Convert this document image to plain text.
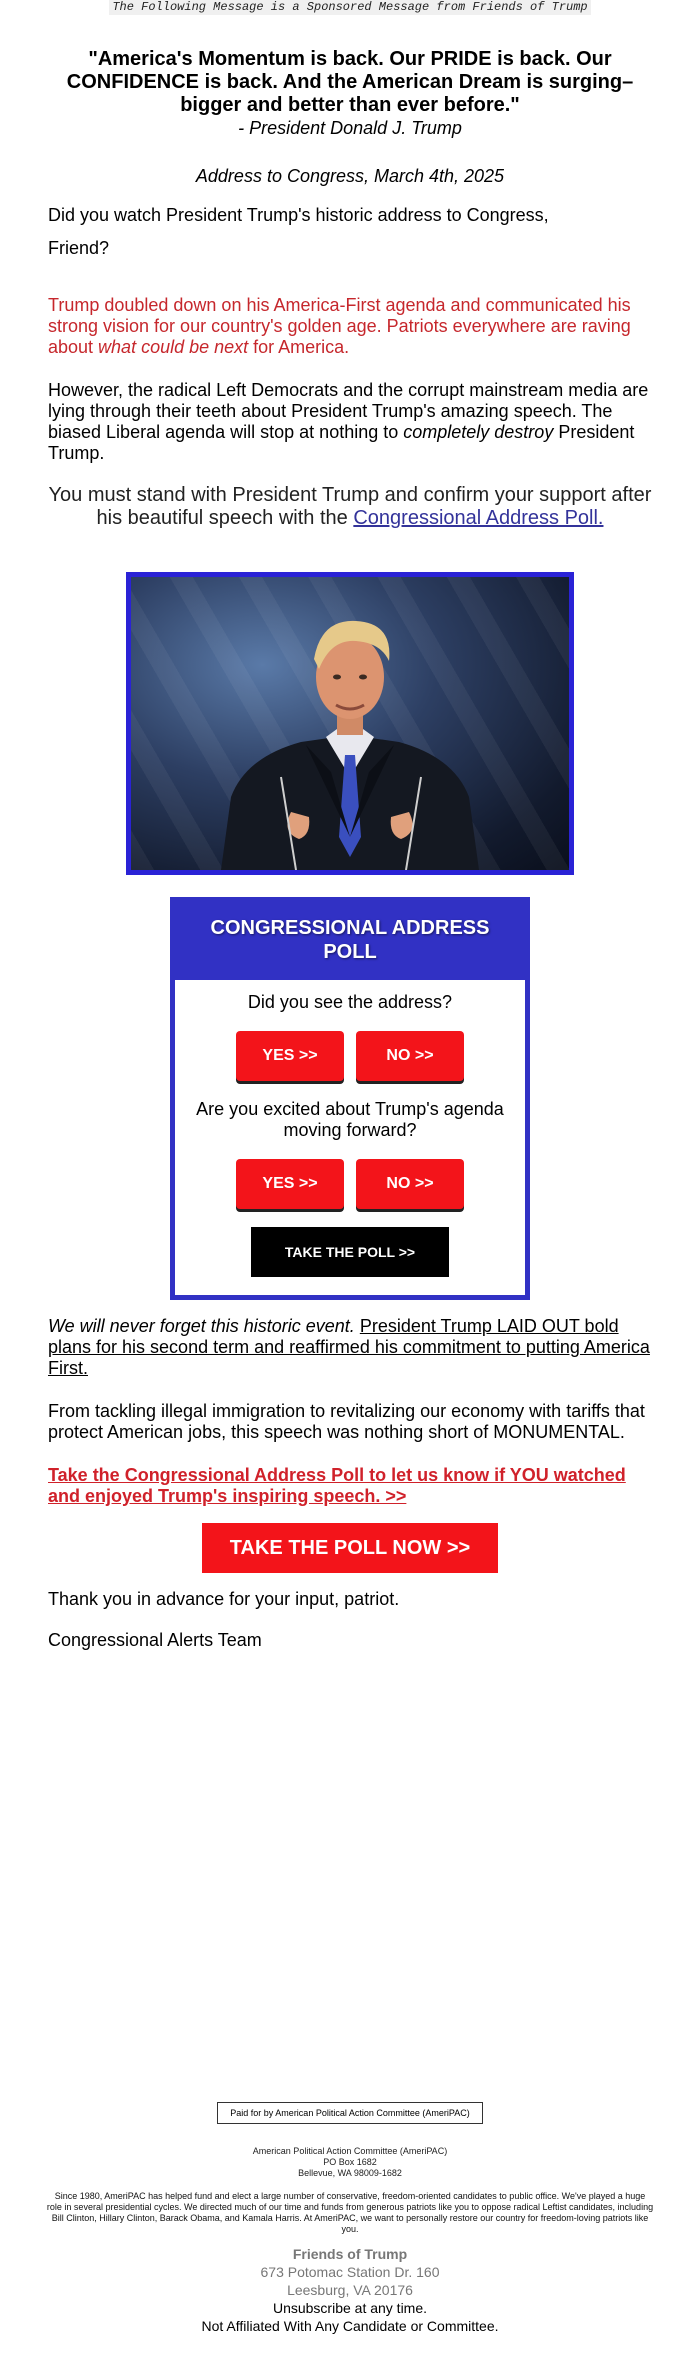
The Following Message is a Sponsored Message from Friends of Trump
"America's Momentum is back. Our PRIDE is back. Our CONFIDENCE is back. And the American Dream is surging–bigger and better than ever before."
- President Donald J. Trump
Address to Congress, March 4th, 2025

Did you watch President Trump's historic address to Congress,

Friend?

Trump doubled down on his America-First agenda and communicated his strong vision for our country's golden age. Patriots everywhere are raving about what could be next for America.

However, the radical Left Democrats and the corrupt mainstream media are lying through their teeth about President Trump's amazing speech. The biased Liberal agenda will stop at nothing to completely destroy President Trump.

You must stand with President Trump and confirm your support after his beautiful speech with the Congressional Address Poll.

CONGRESSIONAL ADDRESS POLL

Did you see the address?

YES >>	NO >>

Are you excited about Trump's agenda moving forward?

YES >>	NO >>
TAKE THE POLL >>

We will never forget this historic event. President Trump LAID OUT bold plans for his second term and reaffirmed his commitment to putting America First.

From tackling illegal immigration to revitalizing our economy with tariffs that protect American jobs, this speech was nothing short of MONUMENTAL.

Take the Congressional Address Poll to let us know if YOU watched and enjoyed Trump's inspiring speech. >>

TAKE THE POLL NOW >>

Thank you in advance for your input, patriot.

Congressional Alerts Team

Paid for by American Political Action Committee (AmeriPAC)
American Political Action Committee (AmeriPAC)
PO Box 1682
Bellevue, WA 98009-1682
Since 1980, AmeriPAC has helped fund and elect a large number of conservative, freedom-oriented candidates to public office. We've played a huge role in several presidential cycles. We directed much of our time and funds from generous patriots like you to oppose radical Leftist candidates, including Bill Clinton, Hillary Clinton, Barack Obama, and Kamala Harris. At AmeriPAC, we want to personally restore our country for freedom-loving patriots like you.
Friends of Trump
673 Potomac Station Dr. 160
Leesburg, VA 20176
Unsubscribe at any time.
Not Affiliated With Any Candidate or Committee.
